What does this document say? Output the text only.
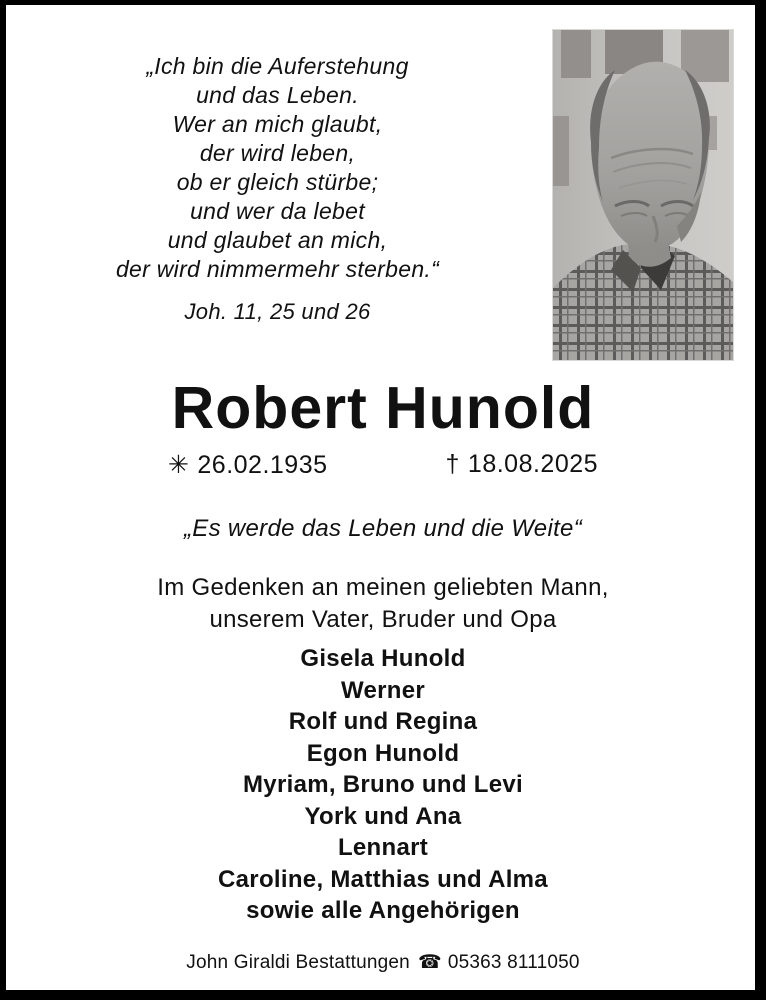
„Ich bin die Auferstehung
und das Leben.
Wer an mich glaubt,
der wird leben,
ob er gleich stürbe;
und wer da lebet
und glaubet an mich,
der wird nimmermehr sterben.“
Joh. 11, 25 und 26
Robert Hunold
✳ 26.02.1935	† 18.08.2025
„Es werde das Leben und die Weite“
Im Gedenken an meinen geliebten Mann,
unserem Vater, Bruder und Opa
Gisela Hunold
Werner
Rolf und Regina
Egon Hunold
Myriam, Bruno und Levi
York und Ana
Lennart
Caroline, Matthias und Alma
sowie alle Angehörigen
John Giraldi Bestattungen ☎ 05363 8111050
